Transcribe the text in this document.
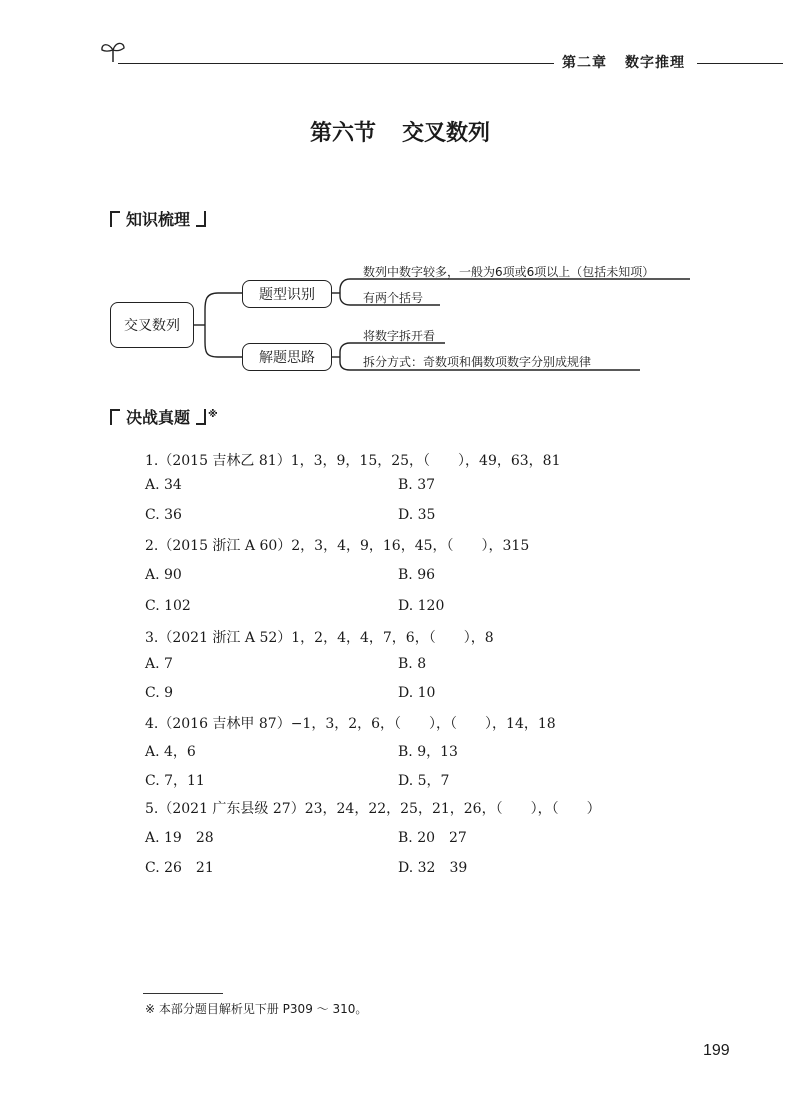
第二章 数字推理
第六节 交叉数列
知识梳理
交叉数列
题型识别
解题思路
数列中数字较多，一般为6项或6项以上（包括未知项）
有两个括号
将数字拆开看
拆分方式：奇数项和偶数项数字分别成规律
决战真题 ※
1.（2015 吉林乙 81）1，3，9，15，25，（　　），49，63，81
A. 34	B. 37
C. 36	D. 35
2.（2015 浙江 A 60）2，3，4，9，16，45，（　　），315
A. 90	B. 96
C. 102	D. 120
3.（2021 浙江 A 52）1，2，4，4，7，6，（　　），8
A. 7	B. 8
C. 9	D. 10
4.（2016 吉林甲 87）−1，3，2，6，（　　），（　　），14，18
A. 4，6	B. 9，13
C. 7，11	D. 5，7
5.（2021 广东县级 27）23，24，22，25，21，26，（　　），（　　）
A. 19　28	B. 20　27
C. 26　21	D. 32　39
※ 本部分题目解析见下册 P309 ～ 310。
199
